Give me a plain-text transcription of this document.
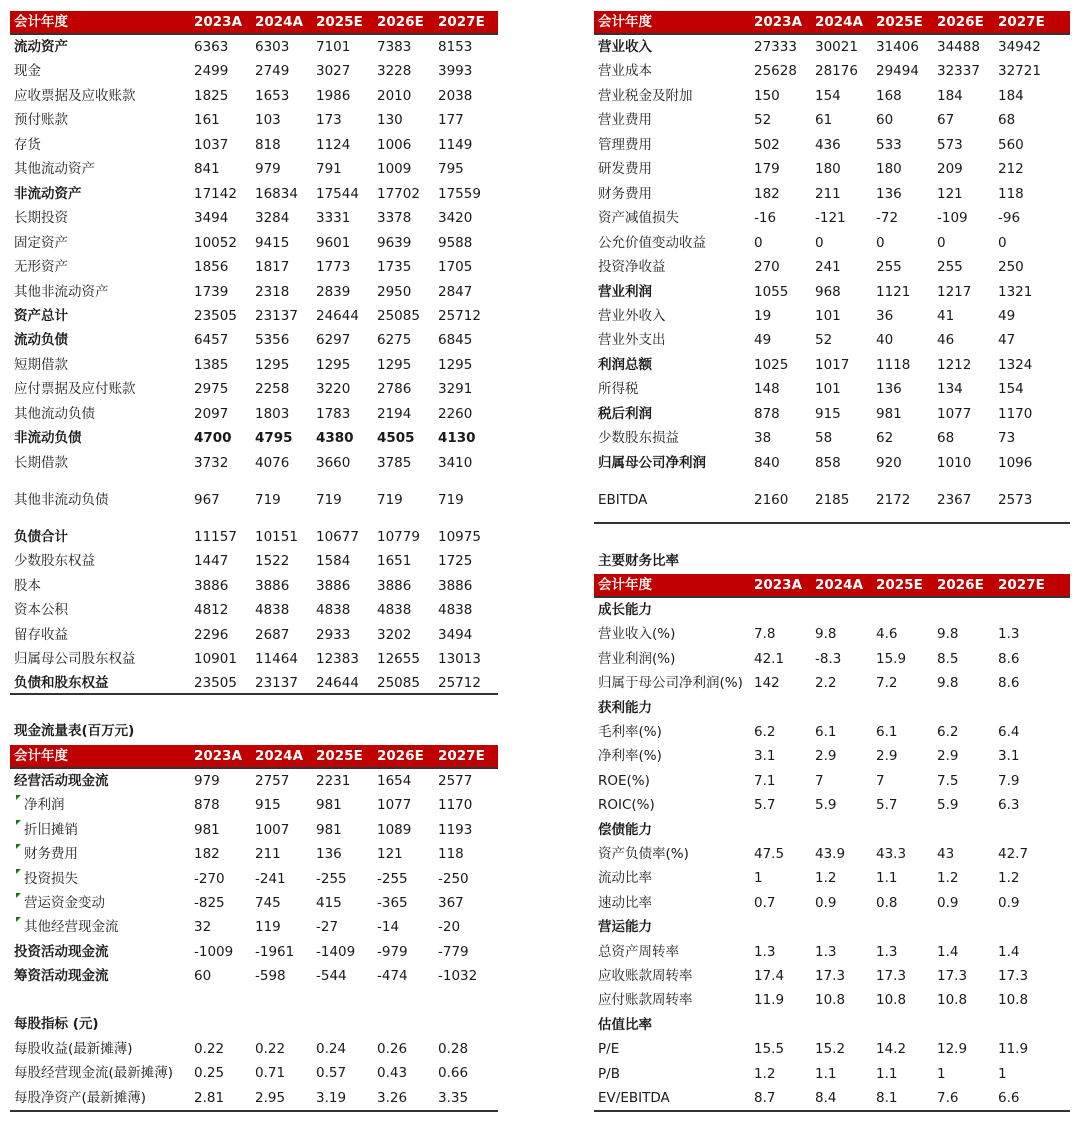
会计年度	2023A 2024A 2025E 2026E 2027E
流动资产	6363 6303 7101 7383 8153
现金	2499 2749 3027 3228 3993
应收票据及应收账款	1825 1653 1986 2010 2038
预付账款	161	103	173	130	177
存货	1037 818	1124 1006 1149
其他流动资产	841	979	791	1009 795
非流动资产	17142 16834 17544 17702 17559
长期投资	3494 3284 3331 3378 3420
固定资产	10052 9415 9601 9639 9588
无形资产	1856 1817 1773 1735 1705
其他非流动资产	1739 2318 2839 2950 2847
资产总计	23505 23137 24644 25085 25712
流动负债	6457 5356 6297 6275 6845
短期借款	1385 1295 1295 1295 1295
应付票据及应付账款	2975 2258 3220 2786 3291
其他流动负债	2097 1803 1783 2194 2260
非流动负债	4700 4795 4380 4505 4130
长期借款	3732 4076 3660 3785 3410
其他非流动负债	967	719	719	719	719
负债合计	11157 10151 10677 10779 10975
少数股东权益	1447 1522 1584 1651 1725
股本	3886 3886 3886 3886 3886
资本公积	4812 4838 4838 4838 4838
留存收益	2296 2687 2933 3202 3494
归属母公司股东权益	10901 11464 12383 12655 13013
负债和股东权益	23505 23137 24644 25085 25712
会计年度	2023A 2024A 2025E 2026E 2027E
经营活动现金流	979	2757 2231 1654 2577
净利润	878	915	981	1077 1170
折旧摊销	981	1007 981	1089 1193
财务费用	182	211	136	121	118
投资损失	-270 -241 -255 -255 -250
营运资金变动	-825 745	415	-365 367
其他经营现金流	32	119	-27	-14	-20
投资活动现金流	-1009 -1961 -1409 -979 -779
筹资活动现金流	60	-598 -544 -474 -1032
现金流量表(百万元)
每股收益(最新摊薄)	0.22 0.22 0.24 0.26 0.28
每股经营现金流(最新摊薄) 0.25 0.71 0.57 0.43 0.66
每股净资产(最新摊薄)	2.81 2.95 3.19 3.26 3.35
每股指标 (元)
会计年度	2023A 2024A 2025E 2026E 2027E
营业收入	27333 30021 31406 34488 34942
营业成本	25628 28176 29494 32337 32721
营业税金及附加	150	154	168	184	184
营业费用	52	61	60	67	68
管理费用	502	436	533	573	560
研发费用	179	180	180	209	212
财务费用	182	211	136	121	118
资产减值损失	-16	-121 -72	-109 -96
公允价值变动收益	0	0	0	0	0
投资净收益	270	241	255	255	250
营业利润	1055 968	1121 1217 1321
营业外收入	19	101	36	41	49
营业外支出	49	52	40	46	47
利润总额	1025 1017 1118 1212 1324
所得税	148	101	136	134	154
税后利润	878	915	981	1077 1170
少数股东损益	38	58	62	68	73
归属母公司净利润	840	858	920	1010 1096
EBITDA	2160 2185 2172 2367 2573
会计年度	2023A 2024A 2025E 2026E 2027E
成长能力
营业收入(%)	7.8	9.8	4.6	9.8	1.3
营业利润(%)	42.1 -8.3	15.9 8.5	8.6
归属于母公司净利润(%) 142	2.2	7.2	9.8	8.6
获利能力
毛利率(%)	6.2	6.1	6.1	6.2	6.4
净利率(%)	3.1	2.9	2.9	2.9	3.1
ROE(%)	7.1	7	7	7.5	7.9
ROIC(%)	5.7	5.9	5.7	5.9	6.3
偿债能力
资产负债率(%)	47.5 43.9 43.3 43	42.7
流动比率	1	1.2	1.1	1.2	1.2
速动比率	0.7	0.9	0.8	0.9	0.9
营运能力
总资产周转率	1.3	1.3	1.3	1.4	1.4
应收账款周转率	17.4 17.3 17.3 17.3 17.3
应付账款周转率	11.9 10.8 10.8 10.8 10.8
估值比率
P/E	15.5 15.2 14.2 12.9 11.9
P/B	1.2	1.1	1.1	1	1
EV/EBITDA	8.7	8.4	8.1	7.6	6.6
主要财务比率
